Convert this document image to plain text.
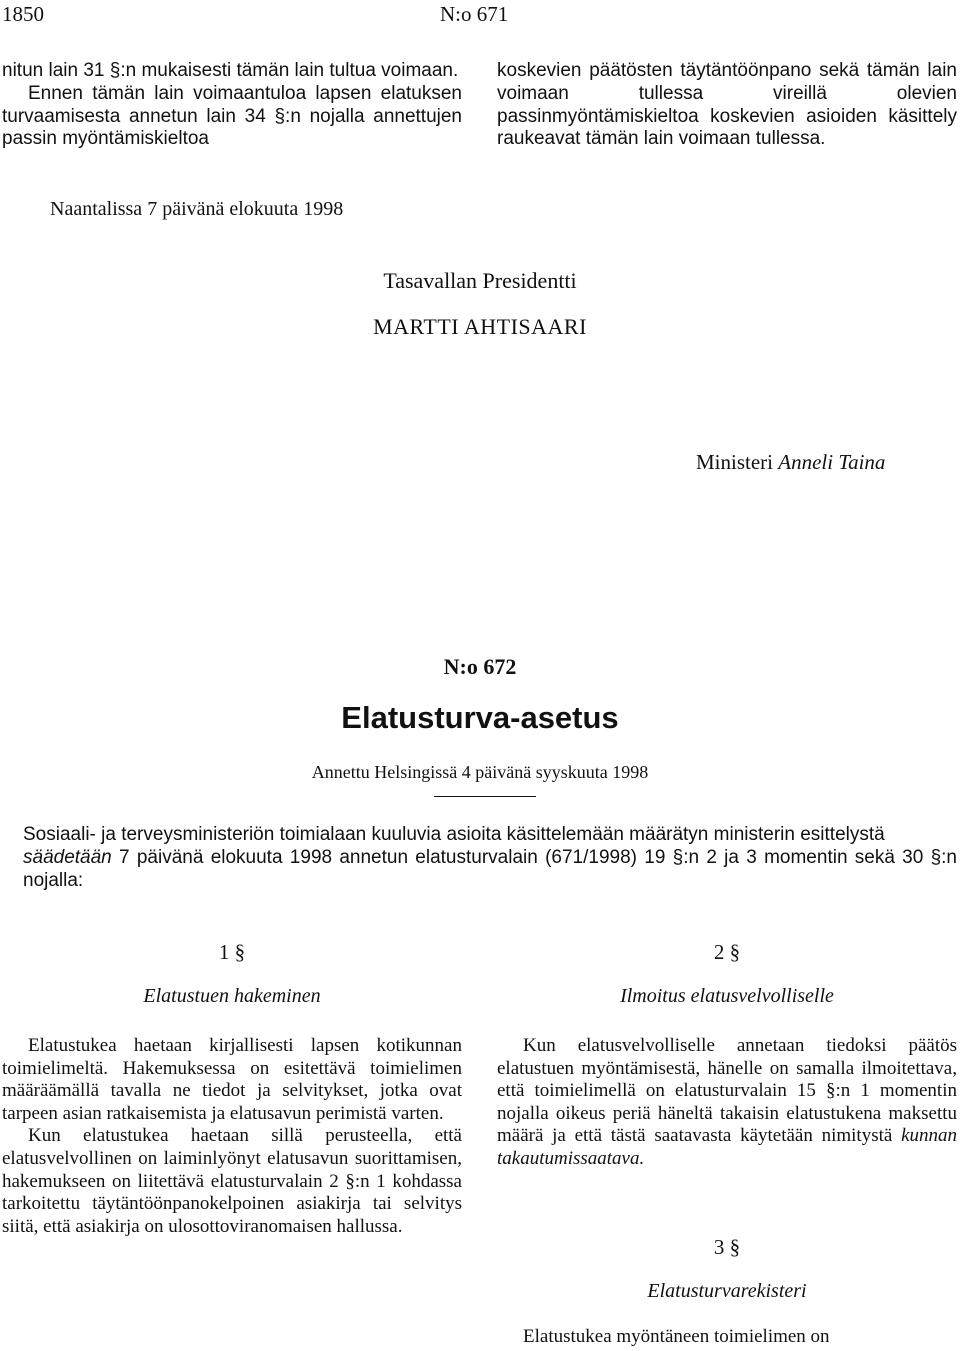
1850	N:o 671

nitun lain 31 §:n mukaisesti tämän lain tultua voimaan.

Ennen tämän lain voimaantuloa lapsen elatuksen turvaamisesta annetun lain 34 §:n nojalla annettujen passin myöntämiskieltoa

koskevien päätösten täytäntöönpano sekä tämän lain voimaan tullessa vireillä olevien passinmyöntämiskieltoa koskevien asioiden käsittely raukeavat tämän lain voimaan tullessa.

Naantalissa 7 päivänä elokuuta 1998
Tasavallan Presidentti
MARTTI AHTISAARI
Ministeri Anneli Taina
N:o 672
Elatusturva-asetus
Annettu Helsingissä 4 päivänä syyskuuta 1998

Sosiaali- ja terveysministeriön toimialaan kuuluvia asioita käsittelemään määrätyn ministerin esittelystä

säädetään 7 päivänä elokuuta 1998 annetun elatusturvalain (671/1998) 19 §:n 2 ja 3 momentin sekä 30 §:n nojalla:

1 §
Elatustuen hakeminen

Elatustukea haetaan kirjallisesti lapsen kotikunnan toimielimeltä. Hakemuksessa on esitettävä toimielimen määräämällä tavalla ne tiedot ja selvitykset, jotka ovat tarpeen asian ratkaisemista ja elatusavun perimistä varten.

Kun elatustukea haetaan sillä perusteella, että elatusvelvollinen on laiminlyönyt elatusavun suorittamisen, hakemukseen on liitettävä elatusturvalain 2 §:n 1 kohdassa tarkoitettu täytäntöönpanokelpoinen asiakirja tai selvitys siitä, että asiakirja on ulosottoviranomaisen hallussa.

2 §
Ilmoitus elatusvelvolliselle

Kun elatusvelvolliselle annetaan tiedoksi päätös elatustuen myöntämisestä, hänelle on samalla ilmoitettava, että toimielimellä on elatusturvalain 15 §:n 1 momentin nojalla oikeus periä häneltä takaisin elatustukena maksettu määrä ja että tästä saatavasta käytetään nimitystä kunnan takautumissaatava.

3 §
Elatusturvarekisteri

Elatustukea myöntäneen toimielimen on
